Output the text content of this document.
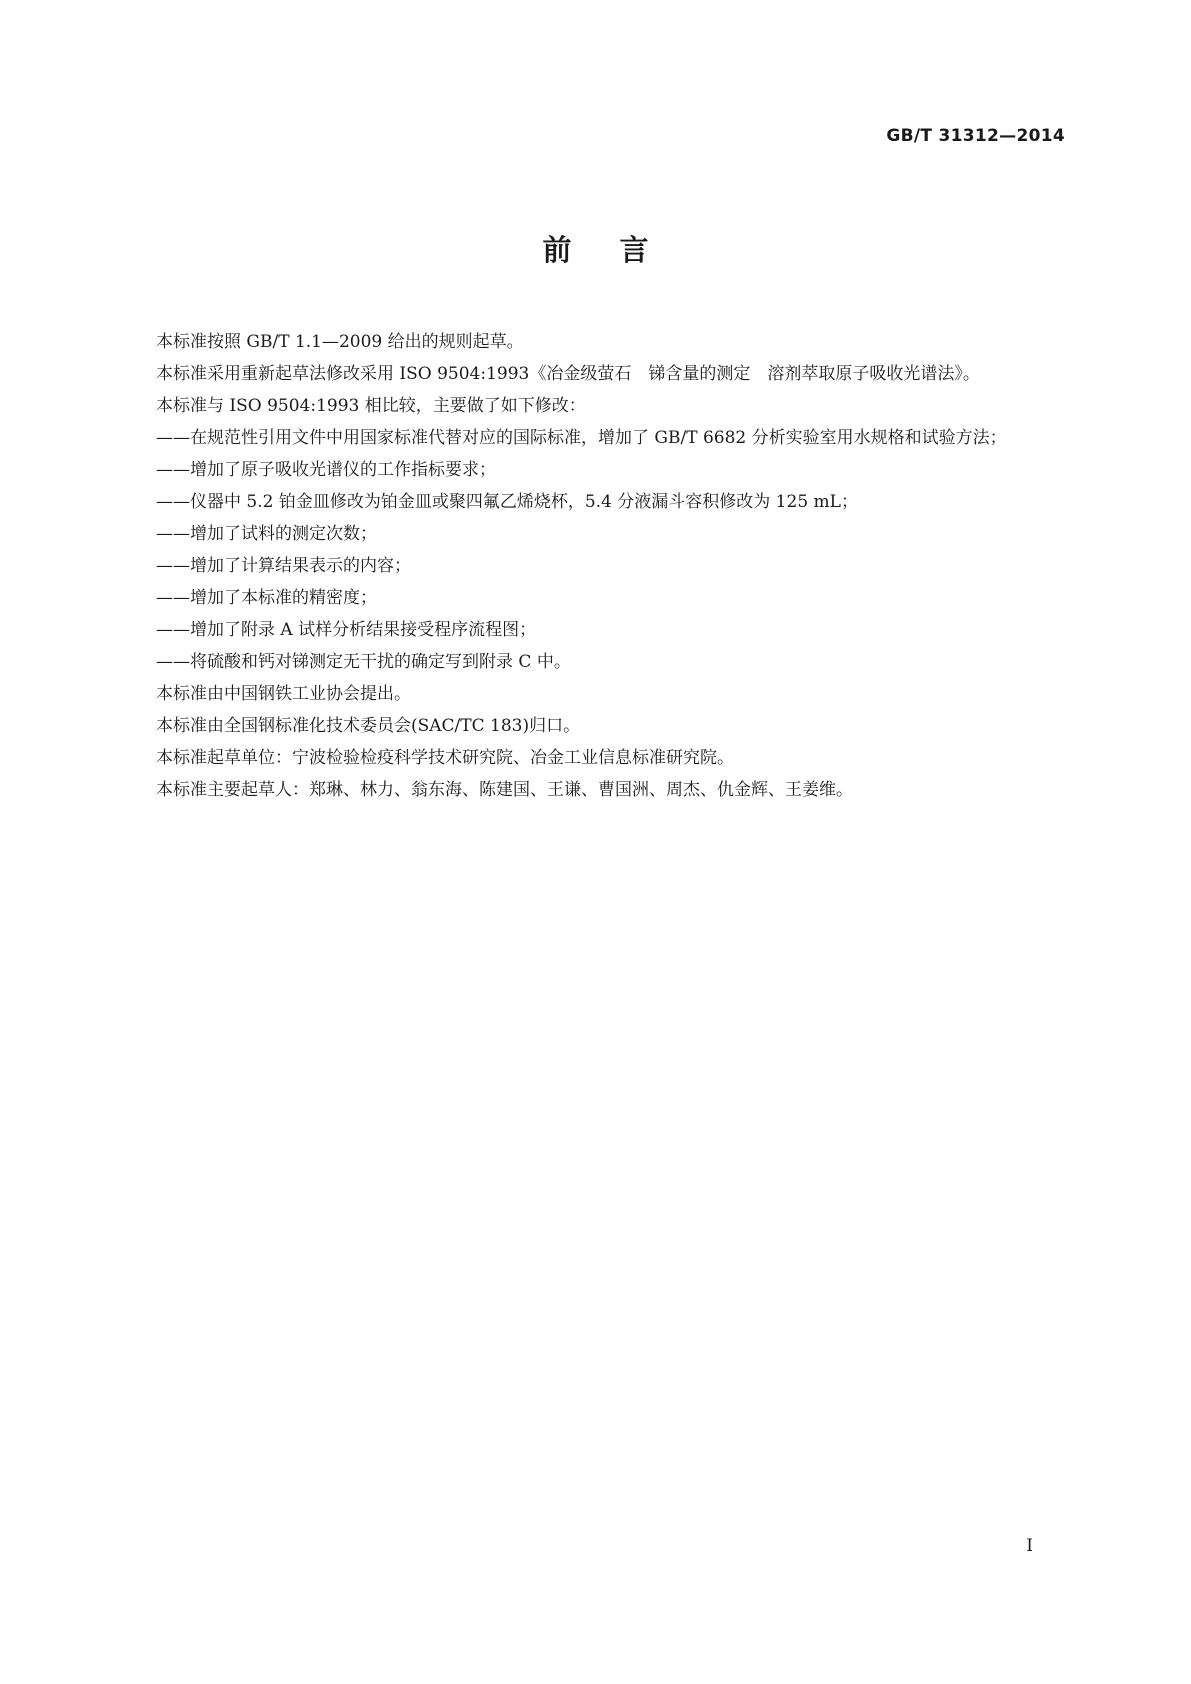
GB/T 31312—2014
前言

本标准按照 GB/T 1.1—2009 给出的规则起草。

本标准采用重新起草法修改采用 ISO 9504:1993《冶金级萤石　锑含量的测定　溶剂萃取原子吸收光谱法》。

本标准与 ISO 9504:1993 相比较，主要做了如下修改：

——在规范性引用文件中用国家标准代替对应的国际标准，增加了 GB/T 6682 分析实验室用水规格和试验方法；

——增加了原子吸收光谱仪的工作指标要求；

——仪器中 5.2 铂金皿修改为铂金皿或聚四氟乙烯烧杯，5.4 分液漏斗容积修改为 125 mL；

——增加了试料的测定次数；

——增加了计算结果表示的内容；

——增加了本标准的精密度；

——增加了附录 A 试样分析结果接受程序流程图；

——将硫酸和钙对锑测定无干扰的确定写到附录 C 中。

本标准由中国钢铁工业协会提出。

本标准由全国钢标准化技术委员会(SAC/TC 183)归口。

本标准起草单位：宁波检验检疫科学技术研究院、冶金工业信息标准研究院。

本标准主要起草人：郑琳、林力、翁东海、陈建国、王谦、曹国洲、周杰、仇金辉、王姜维。

I
